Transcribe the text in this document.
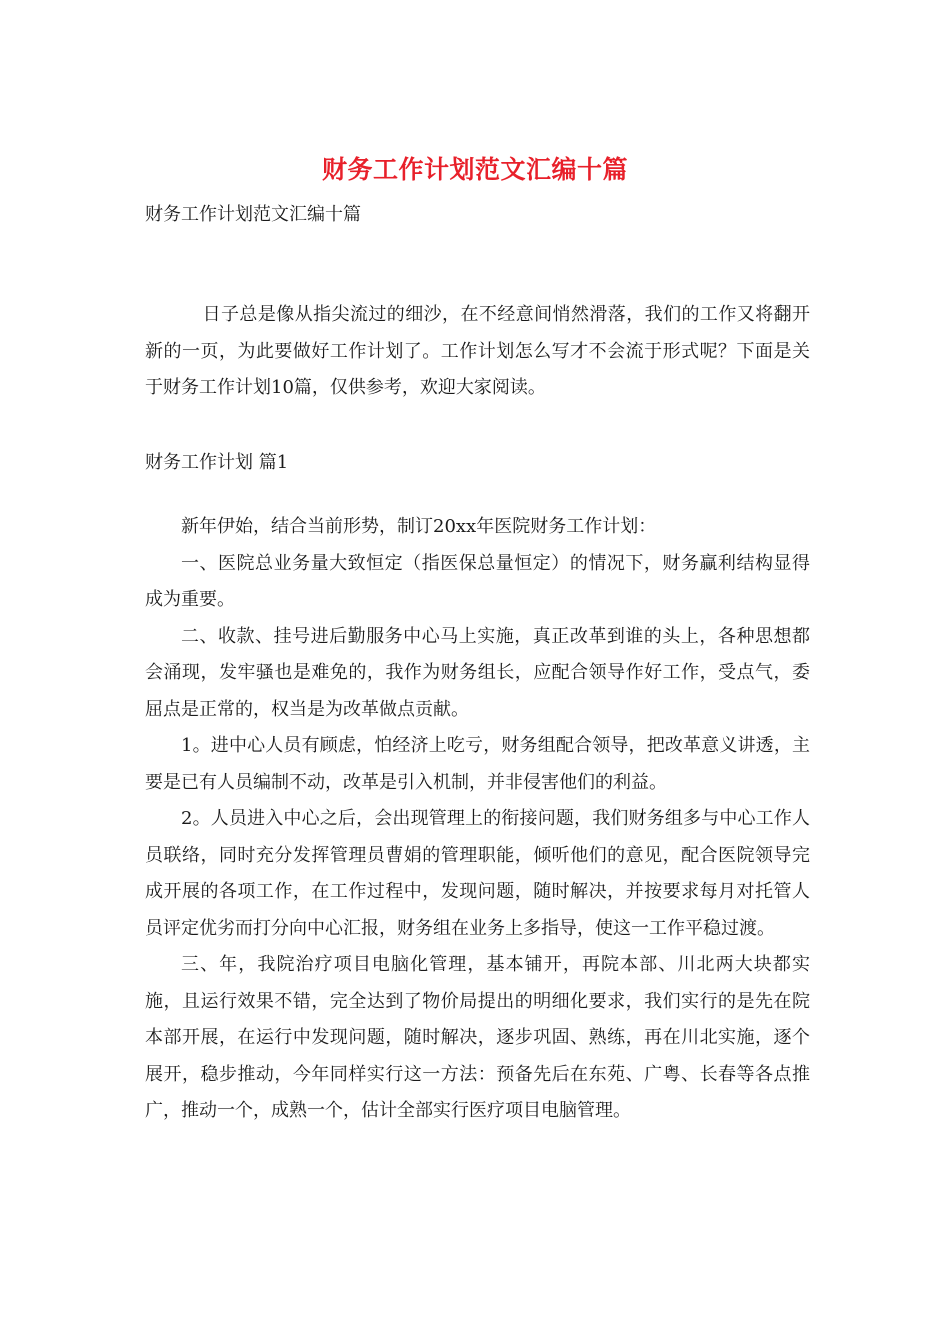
财务工作计划范文汇编十篇
财务工作计划范文汇编十篇

日子总是像从指尖流过的细沙，在不经意间悄然滑落，我们的工作又将翻开新的一页，为此要做好工作计划了。工作计划怎么写才不会流于形式呢？下面是关于财务工作计划10篇，仅供参考，欢迎大家阅读。

财务工作计划 篇1

新年伊始，结合当前形势，制订20xx年医院财务工作计划：

一、医院总业务量大致恒定（指医保总量恒定）的情况下，财务赢利结构显得成为重要。

二、收款、挂号进后勤服务中心马上实施，真正改革到谁的头上，各种思想都会涌现，发牢骚也是难免的，我作为财务组长，应配合领导作好工作，受点气，委屈点是正常的，权当是为改革做点贡献。

1。进中心人员有顾虑，怕经济上吃亏，财务组配合领导，把改革意义讲透，主要是已有人员编制不动，改革是引入机制，并非侵害他们的利益。

2。人员进入中心之后，会出现管理上的衔接问题，我们财务组多与中心工作人员联络，同时充分发挥管理员曹娟的管理职能，倾听他们的意见，配合医院领导完成开展的各项工作，在工作过程中，发现问题，随时解决，并按要求每月对托管人员评定优劣而打分向中心汇报，财务组在业务上多指导，使这一工作平稳过渡。

三、年，我院治疗项目电脑化管理，基本铺开，再院本部、川北两大块都实施，且运行效果不错，完全达到了物价局提出的明细化要求，我们实行的是先在院本部开展，在运行中发现问题，随时解决，逐步巩固、熟练，再在川北实施，逐个展开，稳步推动，今年同样实行这一方法：预备先后在东苑、广粤、长春等各点推广，推动一个，成熟一个，估计全部实行医疗项目电脑管理。
